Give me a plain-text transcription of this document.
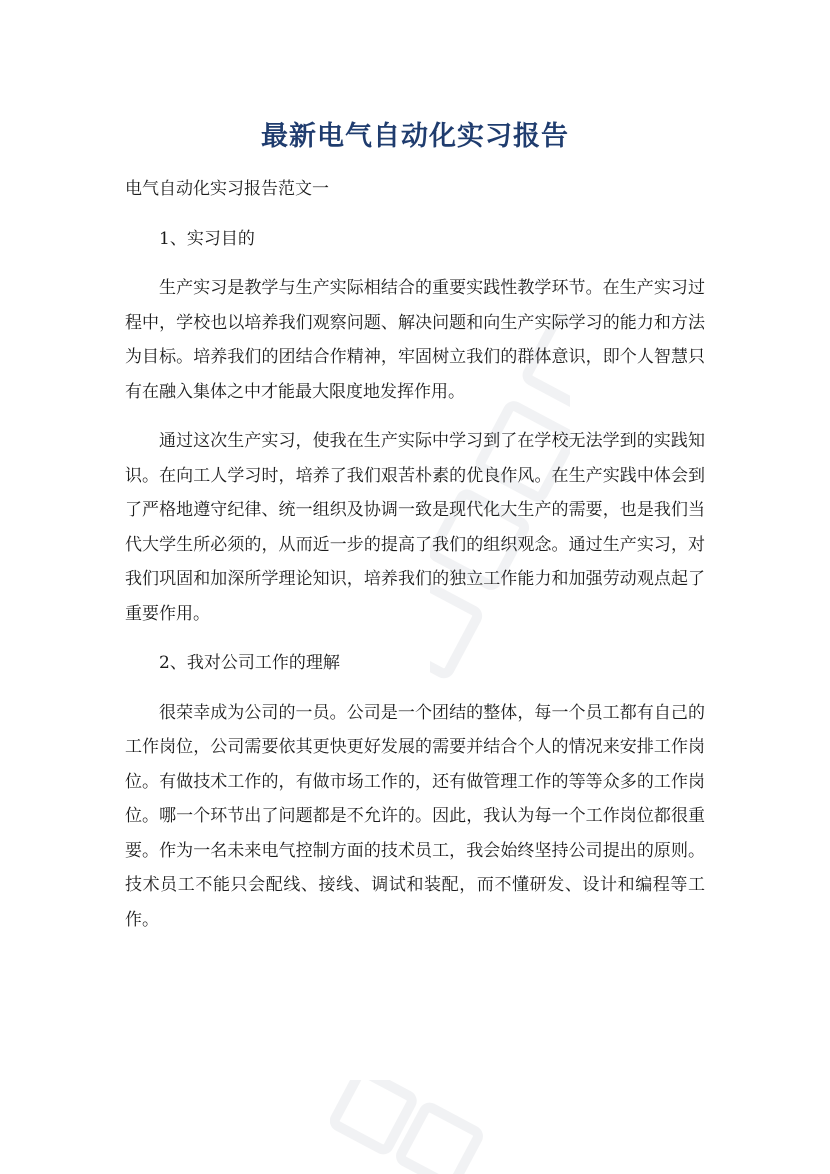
最新电气自动化实习报告

电气自动化实习报告范文一

1、实习目的

生产实习是教学与生产实际相结合的重要实践性教学环节。在生产实习过程中，学校也以培养我们观察问题、解决问题和向生产实际学习的能力和方法为目标。培养我们的团结合作精神，牢固树立我们的群体意识，即个人智慧只有在融入集体之中才能最大限度地发挥作用。

通过这次生产实习，使我在生产实际中学习到了在学校无法学到的实践知识。在向工人学习时，培养了我们艰苦朴素的优良作风。在生产实践中体会到了严格地遵守纪律、统一组织及协调一致是现代化大生产的需要，也是我们当代大学生所必须的，从而近一步的提高了我们的组织观念。通过生产实习，对我们巩固和加深所学理论知识，培养我们的独立工作能力和加强劳动观点起了重要作用。

2、我对公司工作的理解

很荣幸成为公司的一员。公司是一个团结的整体，每一个员工都有自己的工作岗位，公司需要依其更快更好发展的需要并结合个人的情况来安排工作岗位。有做技术工作的，有做市场工作的，还有做管理工作的等等众多的工作岗位。哪一个环节出了问题都是不允许的。因此，我认为每一个工作岗位都很重要。作为一名未来电气控制方面的技术员工，我会始终坚持公司提出的原则。技术员工不能只会配线、接线、调试和装配，而不懂研发、设计和编程等工作。
